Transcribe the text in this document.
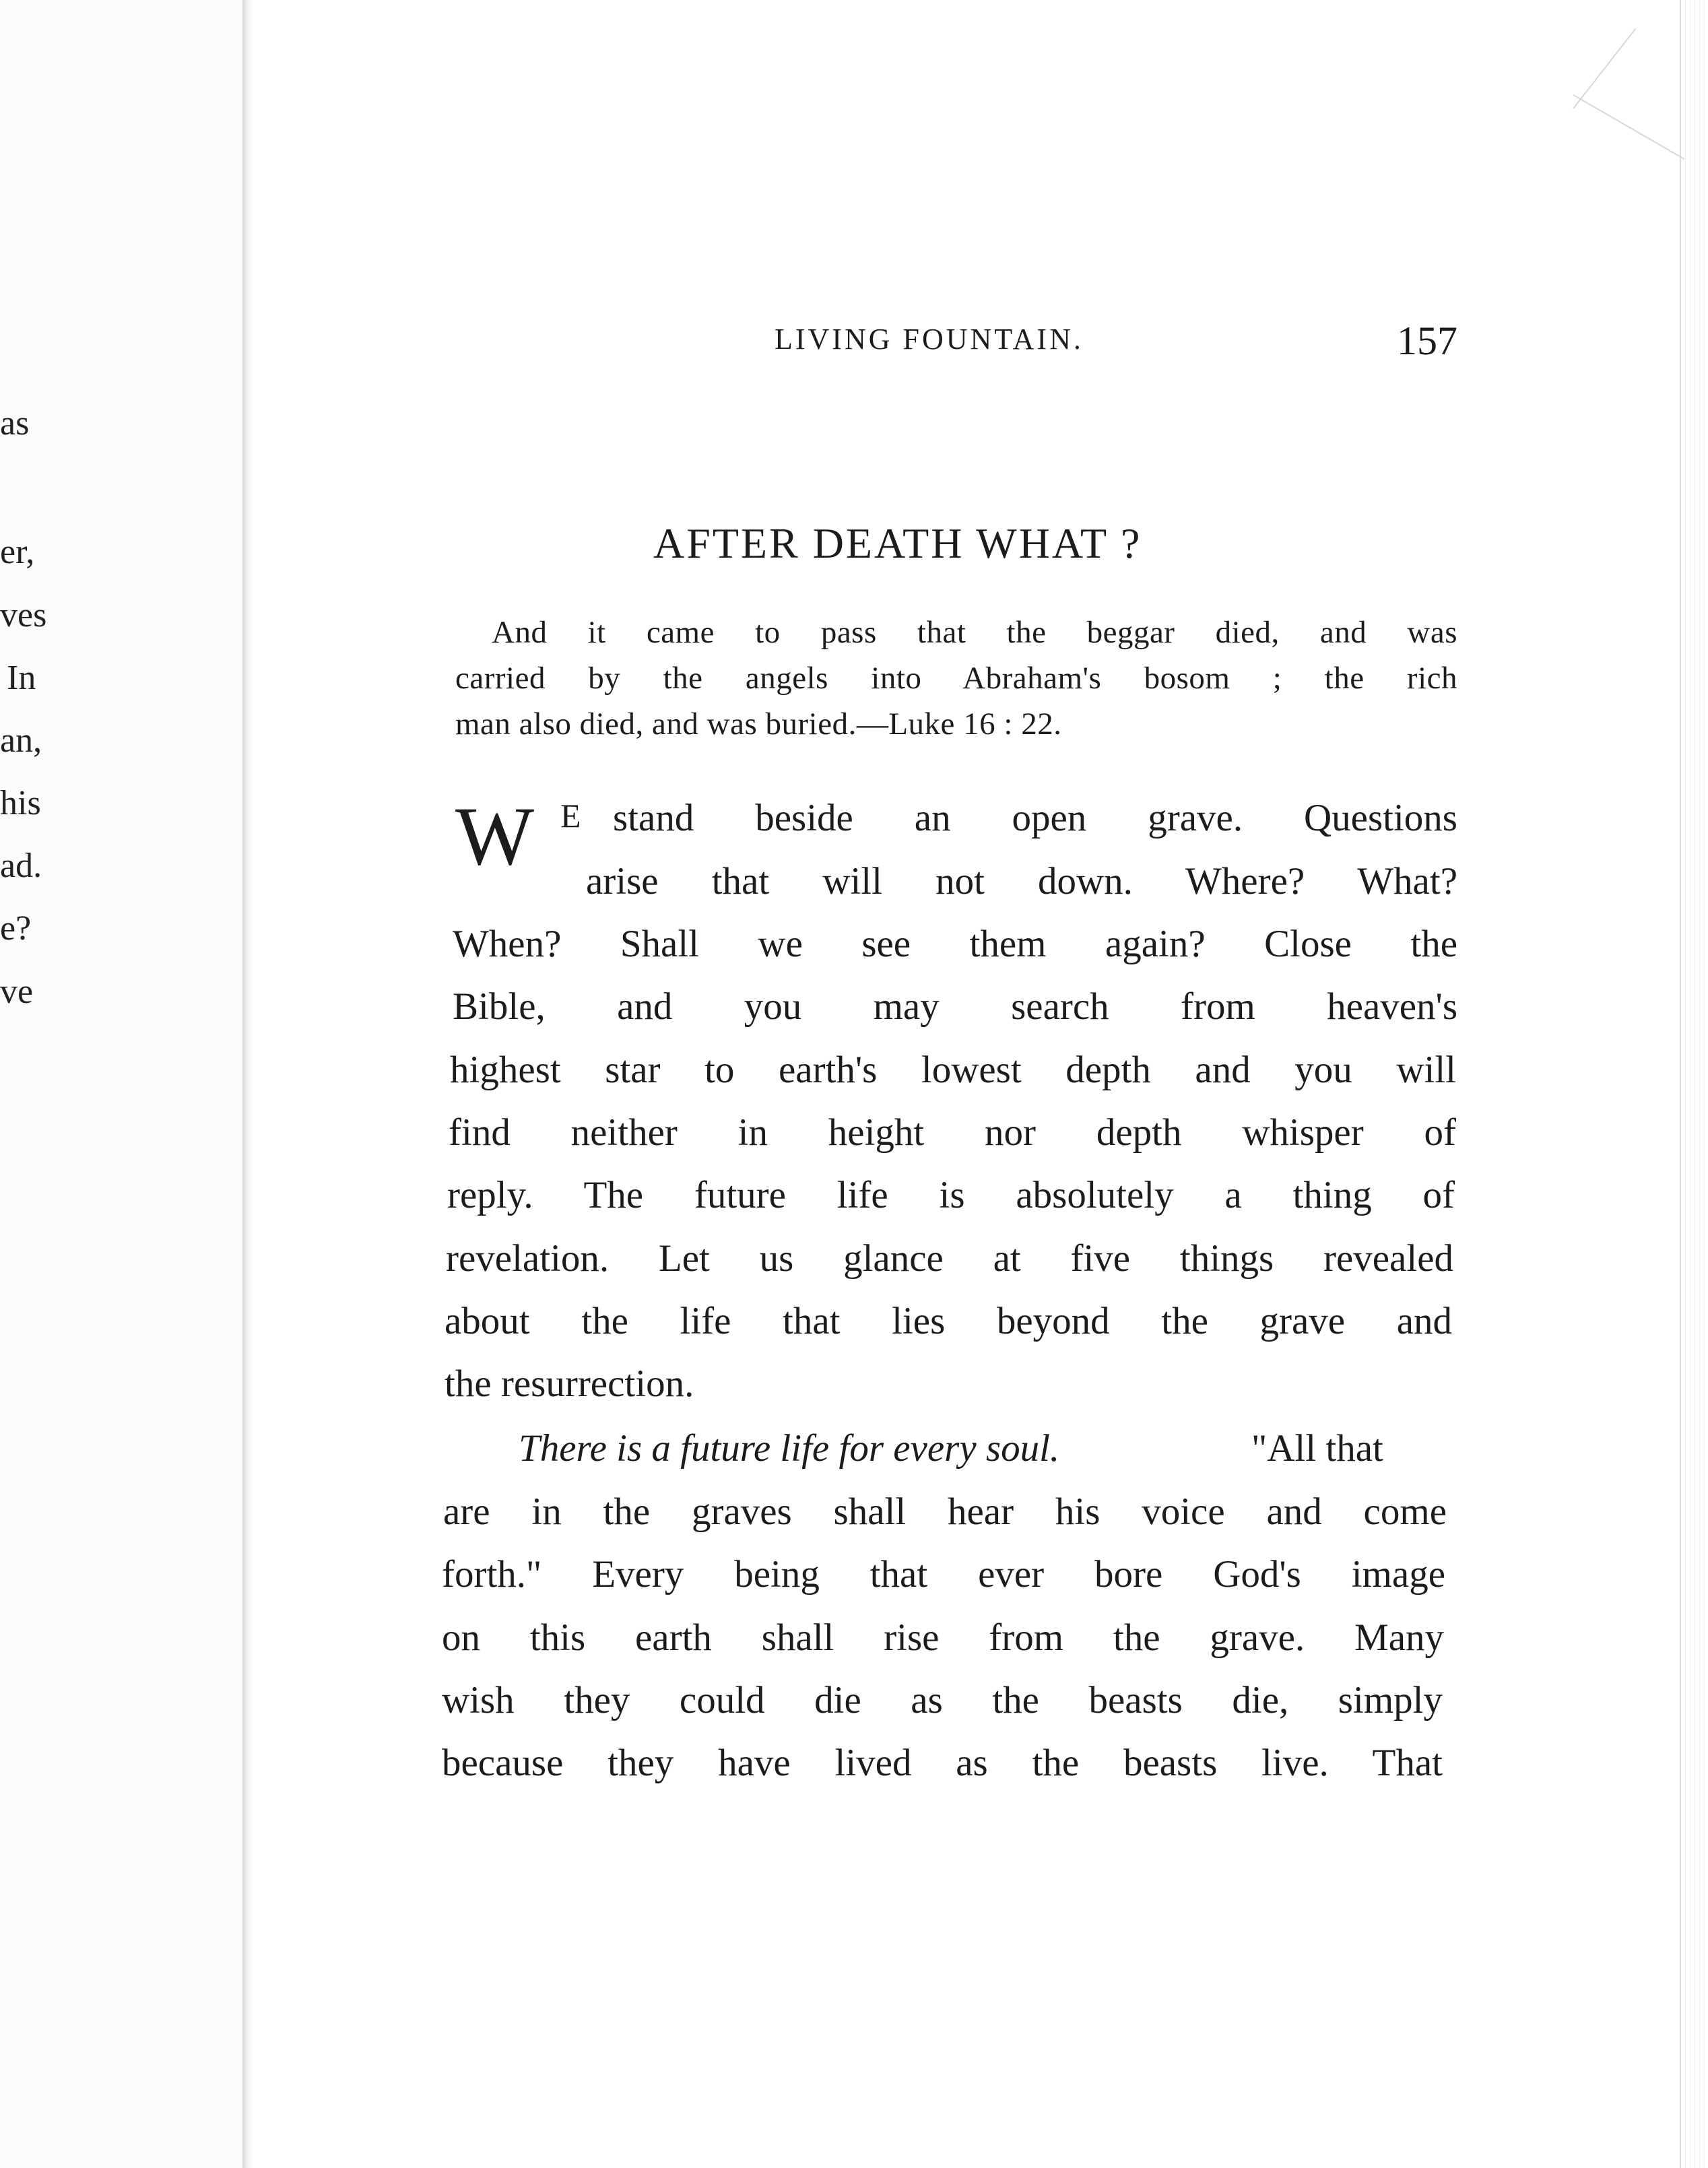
as
er,
ves
In
an,
his
ad.
e?
ve
LIVING FOUNTAIN.	157
AFTER DEATH WHAT ?
And it came to pass that the beggar died, and was
carried by the angels into Abraham's bosom ; the rich
man also died, and was buried.—Luke 16 : 22.
W E stand beside an open grave. Questions
arise that will not down. Where? What?
When? Shall we see them again? Close the
Bible, and you may search from heaven's
highest star to earth's lowest depth and you will
find neither in height nor depth whisper of
reply. The future life is absolutely a thing of
revelation. Let us glance at five things revealed
about the life that lies beyond the grave and
the resurrection.
There is a future life for every soul.	"All that
are in the graves shall hear his voice and come
forth." Every being that ever bore God's image
on this earth shall rise from the grave. Many
wish they could die as the beasts die, simply
because they have lived as the beasts live. That
